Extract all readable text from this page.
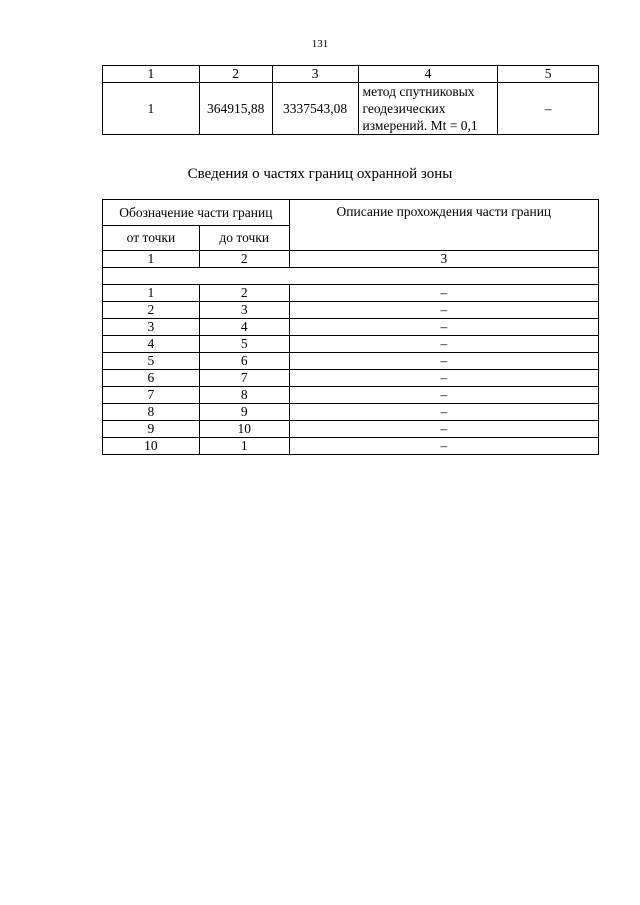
131
1	2	3	4	5
1	364915,88	3337543,08	метод спутниковых
геодезических
измерений. Mt = 0,1	–
Сведения о частях границ охранной зоны
Обозначение части границ		Описание прохождения части границ
от точки	до точки	
1	2	3

1	2	–
2	3	–
3	4	–
4	5	–
5	6	–
6	7	–
7	8	–
8	9	–
9	10	–
10	1	–
